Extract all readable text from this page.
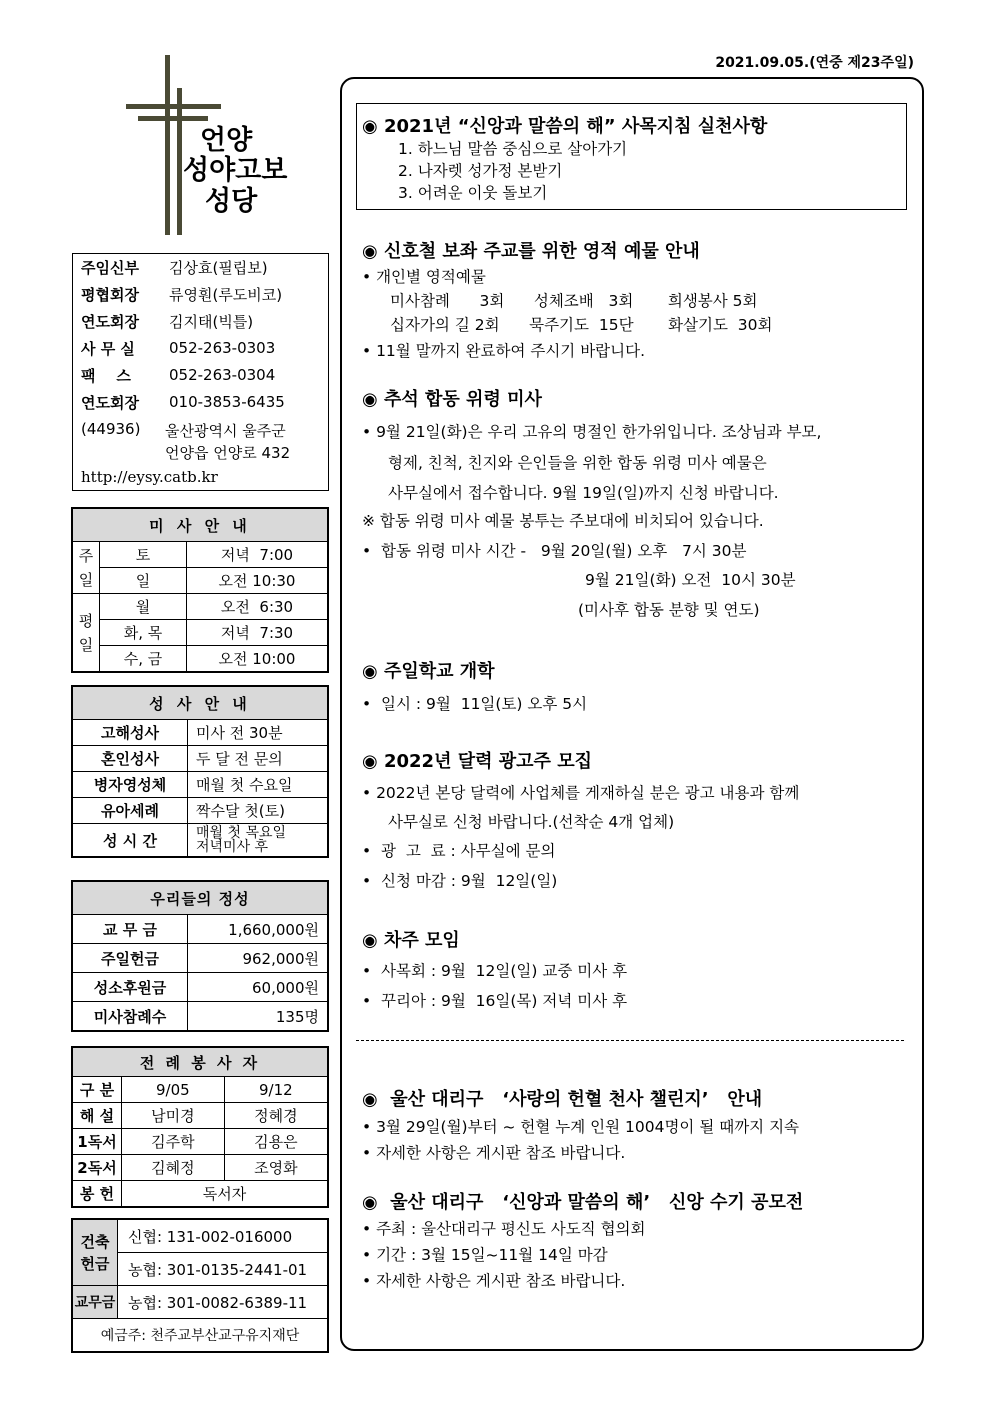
2021.09.05.(연중 제23주일)
언양
성야고보
성당
주임신부	김상효(필립보)
평협회장	류영훤(루도비코)
연도회장	김지태(빅틀)
사 무 실	052-263-0303
팩    스	052-263-0304
연도회장	010-3853-6435
(44936) 울산광역시 울주군
언양읍 언양로 432
http://eysy.catb.kr
미 사 안 내		
주일	토	저녁  7:00
	일	오전 10:30
평일	월	오전  6:30
	화, 목	저녁  7:30
	수, 금	오전 10:00
성 사 안 내	
고해성사	미사 전 30분
혼인성사	두 달 전 문의
병자영성체	매월 첫 수요일
유아세례	짝수달 첫(토)
성 시 간	매월 첫 목요일
저녁미사 후
우리들의 정성	
교 무 금	1,660,000원
주일헌금	962,000원
성소후원금	60,000원
미사참례수	135명
전 례 봉 사 자		
구 분	9/05	9/12
해 설	남미경	정혜경
1독서	김주학	김용은
2독서	김혜정	조영화
봉 헌	독서자	
건축헌금	신협: 131-002-016000
	농협: 301-0135-2441-01
교무금	농협: 301-0082-6389-11
예금주: 천주교부산교구유지재단	
◉ 2021년 “신앙과 말씀의 해” 사목지침 실천사항
1. 하느님 말씀 중심으로 살아가기
2. 나자렛 성가정 본받기
3. 어려운 이웃 돌보기
◉ 신호철 보좌 주교를 위한 영적 예물 안내
• 개인별 영적예물
미사참례      3회      성체조배   3회       희생봉사 5회
십자가의 길 2회      묵주기도  15단       화살기도  30회
• 11월 말까지 완료하여 주시기 바랍니다.
◉ 추석 합동 위령 미사
• 9월 21일(화)은 우리 고유의 명절인 한가위입니다. 조상님과 부모,
형제, 친척, 친지와 은인들을 위한 합동 위령 미사 예물은
사무실에서 접수합니다. 9월 19일(일)까지 신청 바랍니다.
※ 합동 위령 미사 예물 봉투는 주보대에 비치되어 있습니다.
•  합동 위령 미사 시간 -   9월 20일(월) 오후   7시 30분
9월 21일(화) 오전  10시 30분
(미사후 합동 분향 및 연도)
◉ 주일학교 개학
•  일시 : 9월  11일(토) 오후 5시
◉ 2022년 달력 광고주 모집
• 2022년 본당 달력에 사업체를 게재하실 분은 광고 내용과 함께
사무실로 신청 바랍니다.(선착순 4개 업체)
•  광  고  료 : 사무실에 문의
•  신청 마감 : 9월  12일(일)
◉ 차주 모임
•  사목회 : 9월  12일(일) 교중 미사 후
•  꾸리아 : 9월  16일(목) 저녁 미사 후
◉  울산 대리구   ‘사랑의 헌혈 천사 챌린지’   안내
• 3월 29일(월)부터 ~ 헌혈 누계 인원 1004명이 될 때까지 지속
• 자세한 사항은 게시판 참조 바랍니다.
◉  울산 대리구   ‘신앙과 말씀의 해’   신앙 수기 공모전
• 주최 : 울산대리구 평신도 사도직 협의회
• 기간 : 3월 15일~11월 14일 마감
• 자세한 사항은 게시판 참조 바랍니다.
